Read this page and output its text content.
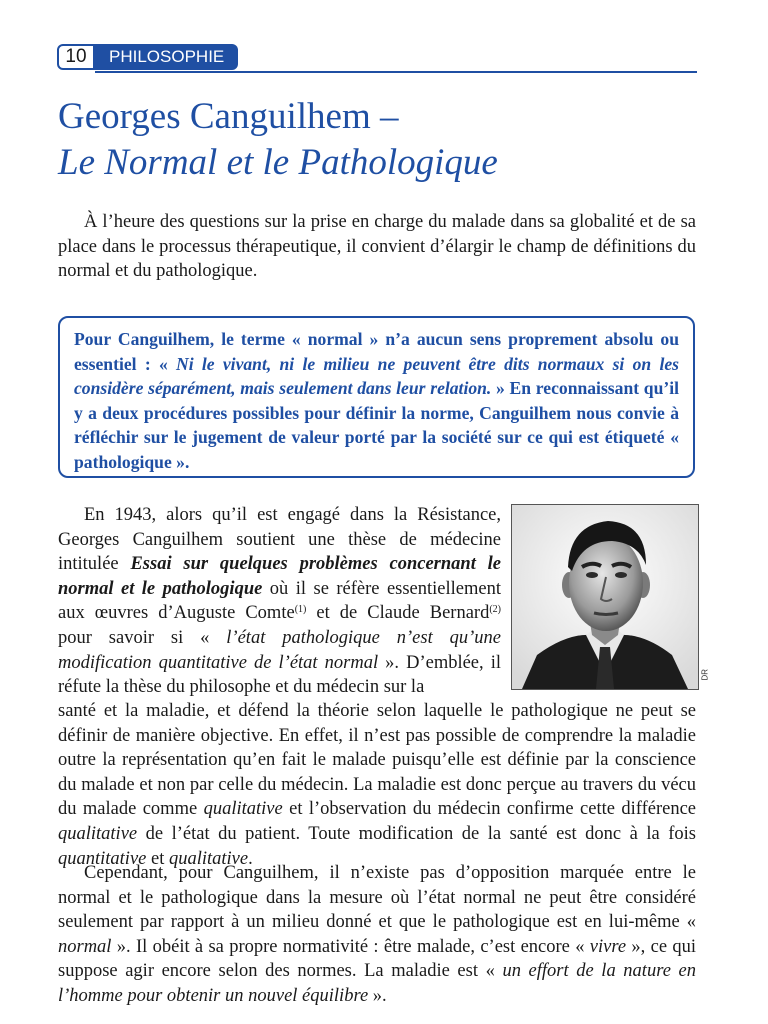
10	PHILOSOPHIE
Georges Canguilhem –
Le Normal et le Pathologique
À l’heure des questions sur la prise en charge du malade dans sa globalité et de sa place dans le processus thérapeutique, il convient d’élargir le champ de définitions du normal et du pathologique.
Pour Canguilhem, le terme « normal » n’a aucun sens proprement absolu ou essentiel : « Ni le vivant, ni le milieu ne peuvent être dits normaux si on les considère séparément, mais seulement dans leur relation. » En reconnaissant qu’il y a deux procédures possibles pour définir la norme, Canguilhem nous convie à réfléchir sur le jugement de valeur porté par la société sur ce qui est étiqueté « pathologique ».
DR
En 1943, alors qu’il est engagé dans la Résistance, Georges Canguilhem soutient une thèse de médecine intitulée Essai sur quelques problèmes concernant le normal et le pathologique où il se réfère essentiellement aux œuvres d’Auguste Comte$^{(1)}$ et de Claude Bernard$^{(2)}$ pour savoir si « l’état pathologique n’est qu’une modification quantitative de l’état normal ». D’emblée, il réfute la thèse du philosophe et du médecin sur la
santé et la maladie, et défend la théorie selon laquelle le pathologique ne peut se définir de manière objective. En effet, il n’est pas possible de comprendre la maladie outre la représentation qu’en fait le malade puisqu’elle est définie par la conscience du malade et non par celle du médecin. La maladie est donc perçue au travers du vécu du malade comme qualitative et l’observation du médecin confirme cette différence qualitative de l’état du patient. Toute modification de la santé est donc à la fois quantitative et qualitative.
Cependant, pour Canguilhem, il n’existe pas d’opposition marquée entre le normal et le pathologique dans la mesure où l’état normal ne peut être considéré seulement par rapport à un milieu donné et que le pathologique est en lui-même « normal ». Il obéit à sa propre normativité : être malade, c’est encore « vivre », ce qui suppose agir encore selon des normes. La maladie est « un effort de la nature en l’homme pour obtenir un nouvel équilibre ».
